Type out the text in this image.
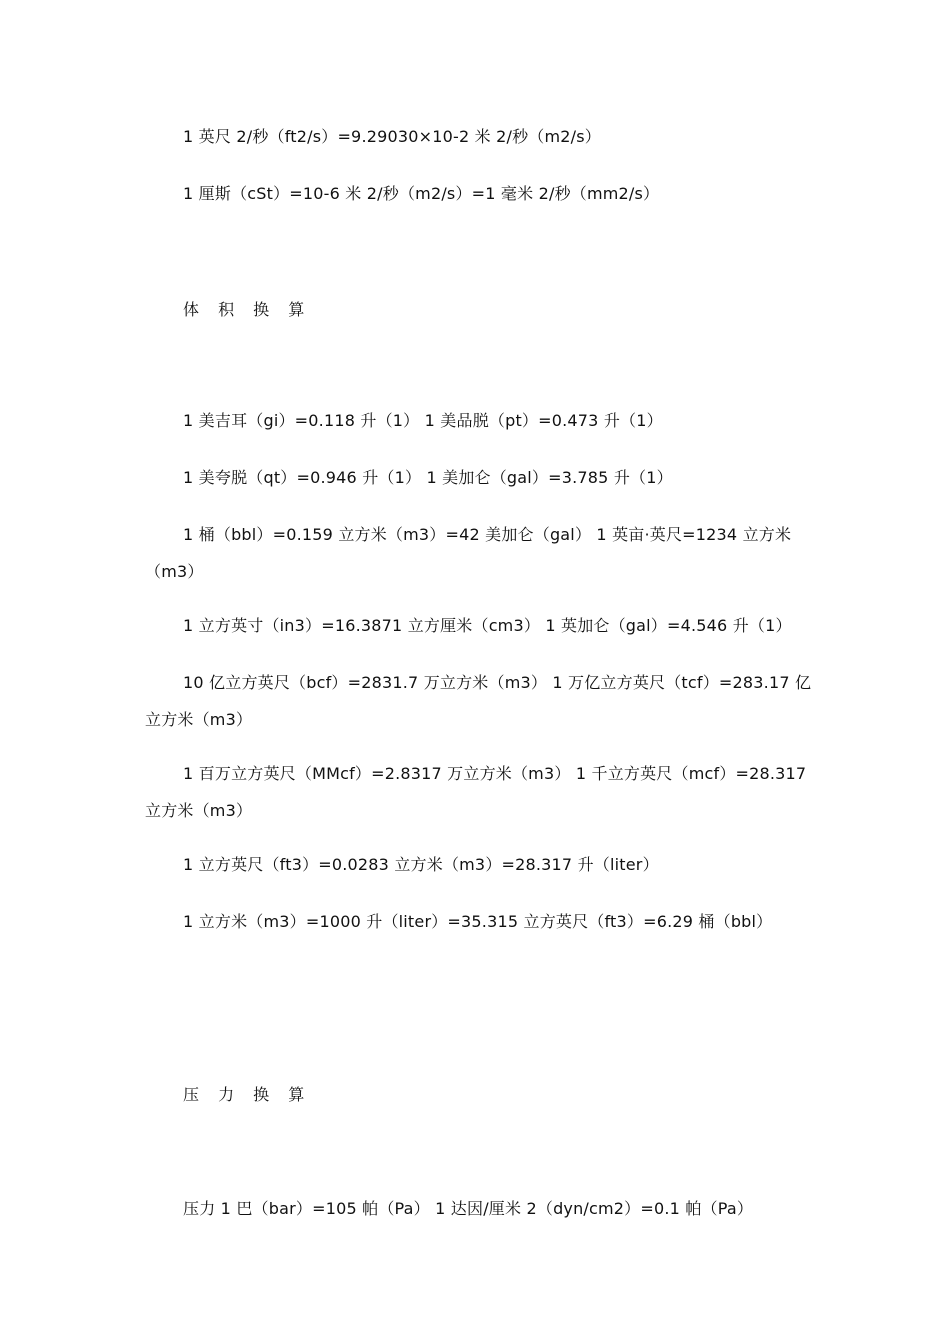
1 英尺 2/秒（ft2/s）=9.29030×10-2 米 2/秒（m2/s）

1 厘斯（cSt）=10-6 米 2/秒（m2/s）=1 毫米 2/秒（mm2/s）

体 积 换 算

1 美吉耳（gi）=0.118 升（1） 1 美品脱（pt）=0.473 升（1）

1 美夸脱（qt）=0.946 升（1） 1 美加仑（gal）=3.785 升（1）

1 桶（bbl）=0.159 立方米（m3）=42 美加仑（gal） 1 英亩·英尺=1234 立方米（m3）

1 立方英寸（in3）=16.3871 立方厘米（cm3） 1 英加仑（gal）=4.546 升（1）

10 亿立方英尺（bcf）=2831.7 万立方米（m3） 1 万亿立方英尺（tcf）=283.17 亿立方米（m3）

1 百万立方英尺（MMcf）=2.8317 万立方米（m3） 1 千立方英尺（mcf）=28.317 立方米（m3）

1 立方英尺（ft3）=0.0283 立方米（m3）=28.317 升（liter）

1 立方米（m3）=1000 升（liter）=35.315 立方英尺（ft3）=6.29 桶（bbl）

压 力 换 算

压力 1 巴（bar）=105 帕（Pa） 1 达因/厘米 2（dyn/cm2）=0.1 帕（Pa）
